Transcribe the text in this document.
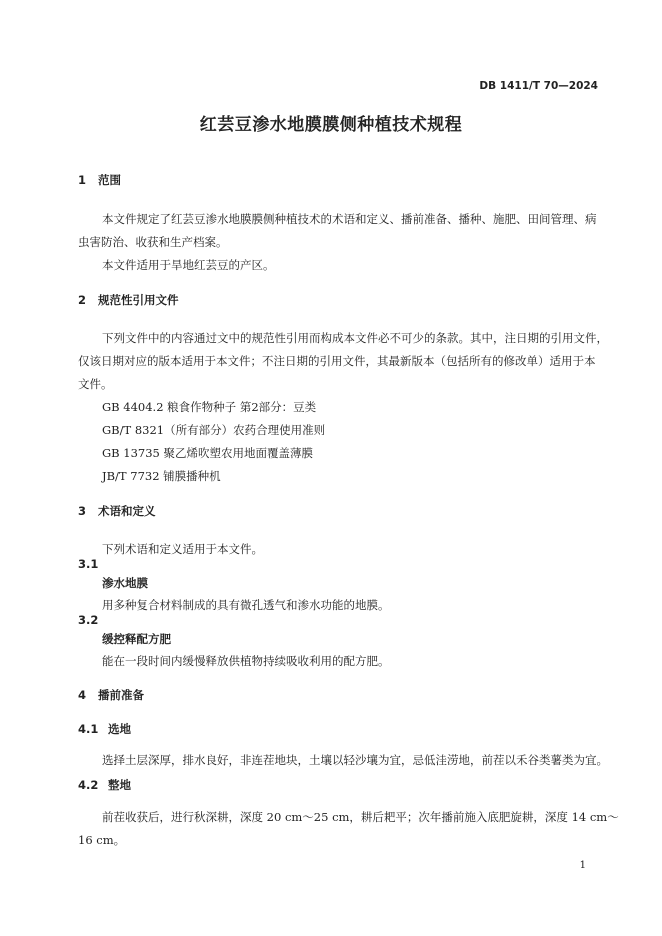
DB 1411/T 70—2024
红芸豆渗水地膜膜侧种植技术规程
1 范围
本文件规定了红芸豆渗水地膜膜侧种植技术的术语和定义、播前准备、播种、施肥、田间管理、病
虫害防治、收获和生产档案。
本文件适用于旱地红芸豆的产区。
2 规范性引用文件
下列文件中的内容通过文中的规范性引用而构成本文件必不可少的条款。其中，注日期的引用文件，
仅该日期对应的版本适用于本文件；不注日期的引用文件，其最新版本（包括所有的修改单）适用于本
文件。
GB 4404.2 粮食作物种子 第2部分：豆类
GB/T 8321（所有部分）农药合理使用准则
GB 13735 聚乙烯吹塑农用地面覆盖薄膜
JB/T 7732 铺膜播种机
3 术语和定义
下列术语和定义适用于本文件。
3.1
渗水地膜
用多种复合材料制成的具有微孔透气和渗水功能的地膜。
3.2
缓控释配方肥
能在一段时间内缓慢释放供植物持续吸收利用的配方肥。
4 播前准备
4.1 选地
选择土层深厚，排水良好，非连茬地块，土壤以轻沙壤为宜，忌低洼涝地，前茬以禾谷类薯类为宜。
4.2 整地
前茬收获后，进行秋深耕，深度 20 cm～25 cm，耕后耙平；次年播前施入底肥旋耕，深度 14 cm～
16 cm。
1
